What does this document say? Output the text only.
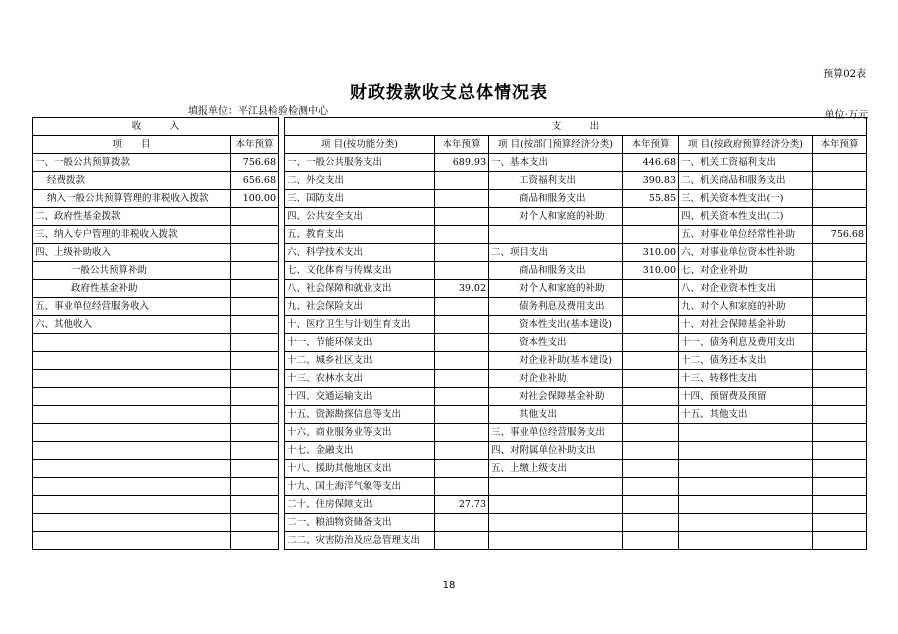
预算02表
财政拨款收支总体情况表
填报单位：平江县检验检测中心	单位:万元
收　　　入			支　　　出					
项　　目	本年预算		项 目(按功能分类)	本年预算	项 目(按部门预算经济分类)	本年预算	项 目(按政府预算经济分类)	本年预算
一、一般公共预算拨款	756.68		一、一般公共服务支出	689.93	一、基本支出	446.68	一、机关工资福利支出	
经费拨款	656.68		二、外交支出		工资福利支出	390.83	二、机关商品和服务支出	
纳入一般公共预算管理的非税收入拨款	100.00		三、国防支出		商品和服务支出	55.85	三、机关资本性支出(一)	
二、政府性基金拨款			四、公共安全支出		对个人和家庭的补助		四、机关资本性支出(二)	
三、纳入专户管理的非税收入拨款			五、教育支出				五、对事业单位经常性补助	756.68
四、上级补助收入			六、科学技术支出		二、项目支出	310.00	六、对事业单位资本性补助	
一般公共预算补助			七、文化体育与传媒支出		商品和服务支出	310.00	七、对企业补助	
政府性基金补助			八、社会保障和就业支出	39.02	对个人和家庭的补助		八、对企业资本性支出	
五、事业单位经营服务收入			九、社会保险支出		债务利息及费用支出		九、对个人和家庭的补助	
六、其他收入			十、医疗卫生与计划生育支出		资本性支出(基本建设)		十、对社会保障基金补助	
			十一、节能环保支出		资本性支出		十一、债务利息及费用支出	
			十二、城乡社区支出		对企业补助(基本建设)		十二、债务还本支出	
			十三、农林水支出		对企业补助		十三、转移性支出	
			十四、交通运输支出		对社会保障基金补助		十四、预留费及预留	
			十五、资源勘探信息等支出		其他支出		十五、其他支出	
			十六、商业服务业等支出		三、事业单位经营服务支出			
			十七、金融支出		四、对附属单位补助支出			
			十八、援助其他地区支出		五、上缴上级支出			
			十九、国土海洋气象等支出					
			二十、住房保障支出	27.73				
			二一、粮油物资储备支出					
			二二、灾害防治及应急管理支出					
18
